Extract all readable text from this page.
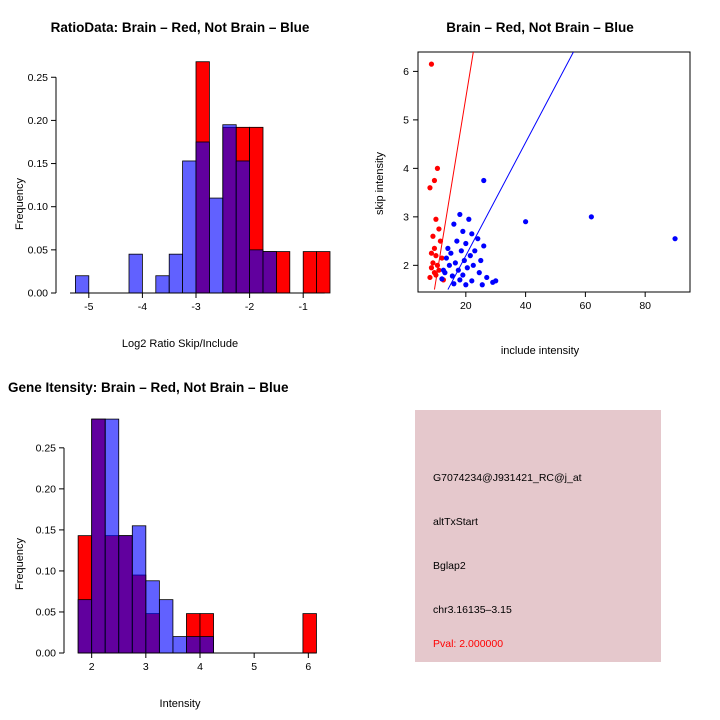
RatioData: Brain – Red, Not Brain – Blue
Frequency
Log2 Ratio Skip/Include
-5	-4	-3	-2	-1
0.00
0.05
0.10
0.15
0.20
0.25
Brain – Red, Not Brain – Blue
skip intensity
include intensity
20	40	60	80
2
3
4
5
6
Gene Itensity: Brain – Red, Not Brain – Blue
Frequency
Intensity
2	3	4	5	6
0.00
0.05
0.10
0.15
0.20
0.25
G7074234@J931421_RC@j_at
altTxStart
Bglap2
chr3.16135–3.15
Pval: 2.000000
